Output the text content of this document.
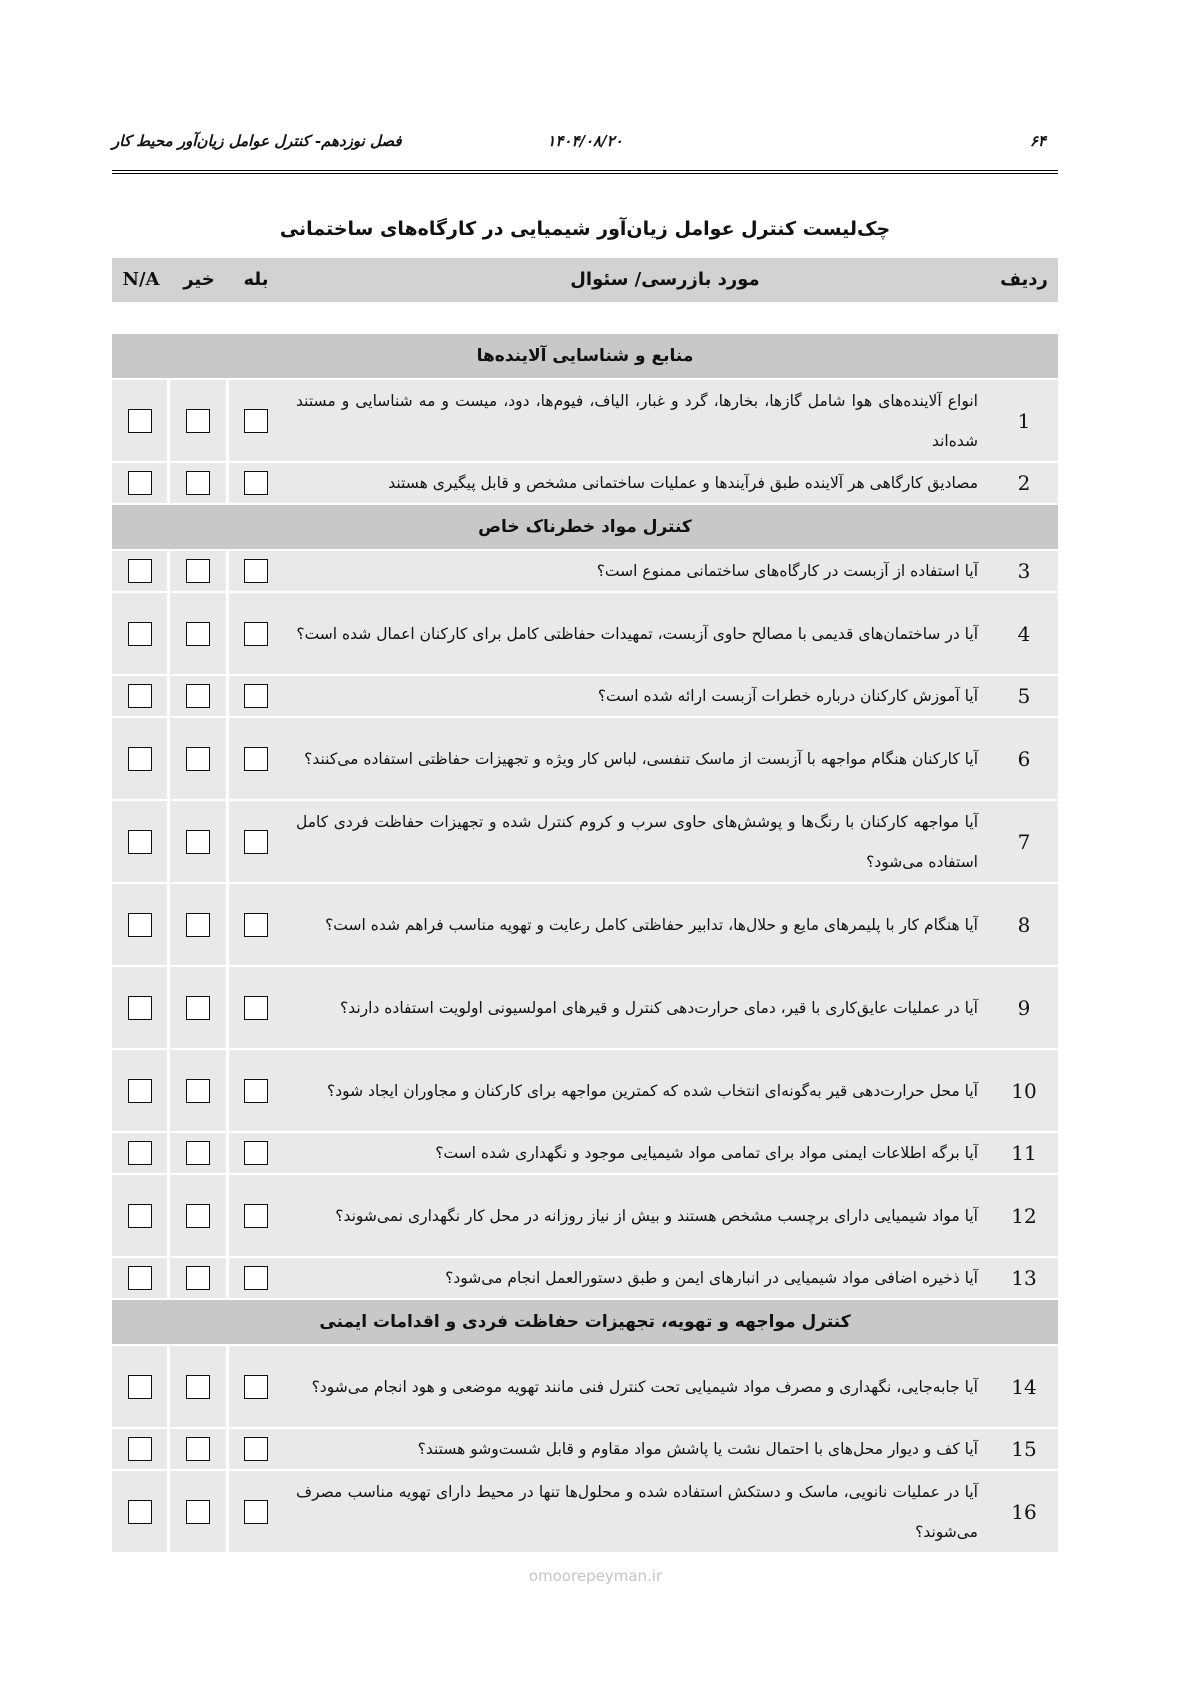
۶۴
۱۴۰۴/۰۸/۲۰
فصل نوزدهم- کنترل عوامل زیان‌آور محیط کار
چک‌لیست کنترل عوامل زیان‌آور شیمیایی در کارگاه‌های ساختمانی
ردیف
مورد بازرسی/ سئوال
بله
خیر
N/A
منابع و شناسایی آلاینده‌ها
1
انواع آلاینده‌های هوا شامل گازها، بخارها، گرد و غبار، الیاف، فیوم‌ها، دود، میست و مه شناسایی و مستند شده‌اند
2
مصادیق کارگاهی هر آلاینده طبق فرآیندها و عملیات ساختمانی مشخص و قابل پیگیری هستند
کنترل مواد خطرناک خاص
3
آیا استفاده از آزبست در کارگاه‌های ساختمانی ممنوع است؟
4
آیا در ساختمان‌های قدیمی با مصالح حاوی آزبست، تمهیدات حفاظتی کامل برای کارکنان اعمال شده است؟
5
آیا آموزش کارکنان درباره خطرات آزبست ارائه شده است؟
6
آیا کارکنان هنگام مواجهه با آزبست از ماسک تنفسی، لباس کار ویژه و تجهیزات حفاظتی استفاده می‌کنند؟
7
آیا مواجهه کارکنان با رنگ‌ها و پوشش‌های حاوی سرب و کروم کنترل شده و تجهیزات حفاظت فردی کامل استفاده می‌شود؟
8
آیا هنگام کار با پلیمرهای مایع و حلال‌ها، تدابیر حفاظتی کامل رعایت و تهویه مناسب فراهم شده است؟
9
آیا در عملیات عایق‌کاری با قیر، دمای حرارت‌دهی کنترل و قیرهای امولسیونی اولویت استفاده دارند؟
10
آیا محل حرارت‌دهی قیر به‌گونه‌ای انتخاب شده که کمترین مواجهه برای کارکنان و مجاوران ایجاد شود؟
11
آیا برگه اطلاعات ایمنی مواد برای تمامی مواد شیمیایی موجود و نگهداری شده است؟
12
آیا مواد شیمیایی دارای برچسب مشخص هستند و بیش از نیاز روزانه در محل کار نگهداری نمی‌شوند؟
13
آیا ذخیره اضافی مواد شیمیایی در انبارهای ایمن و طبق دستورالعمل انجام می‌شود؟
کنترل مواجهه و تهویه، تجهیزات حفاظت فردی و اقدامات ایمنی
14
آیا جابه‌جایی، نگهداری و مصرف مواد شیمیایی تحت کنترل فنی مانند تهویه موضعی و هود انجام می‌شود؟
15
آیا کف و دیوار محل‌های با احتمال نشت یا پاشش مواد مقاوم و قابل شست‌وشو هستند؟
16
آیا در عملیات نانویی، ماسک و دستکش استفاده شده و محلول‌ها تنها در محیط دارای تهویه مناسب مصرف می‌شوند؟
omoorepeyman.ir
